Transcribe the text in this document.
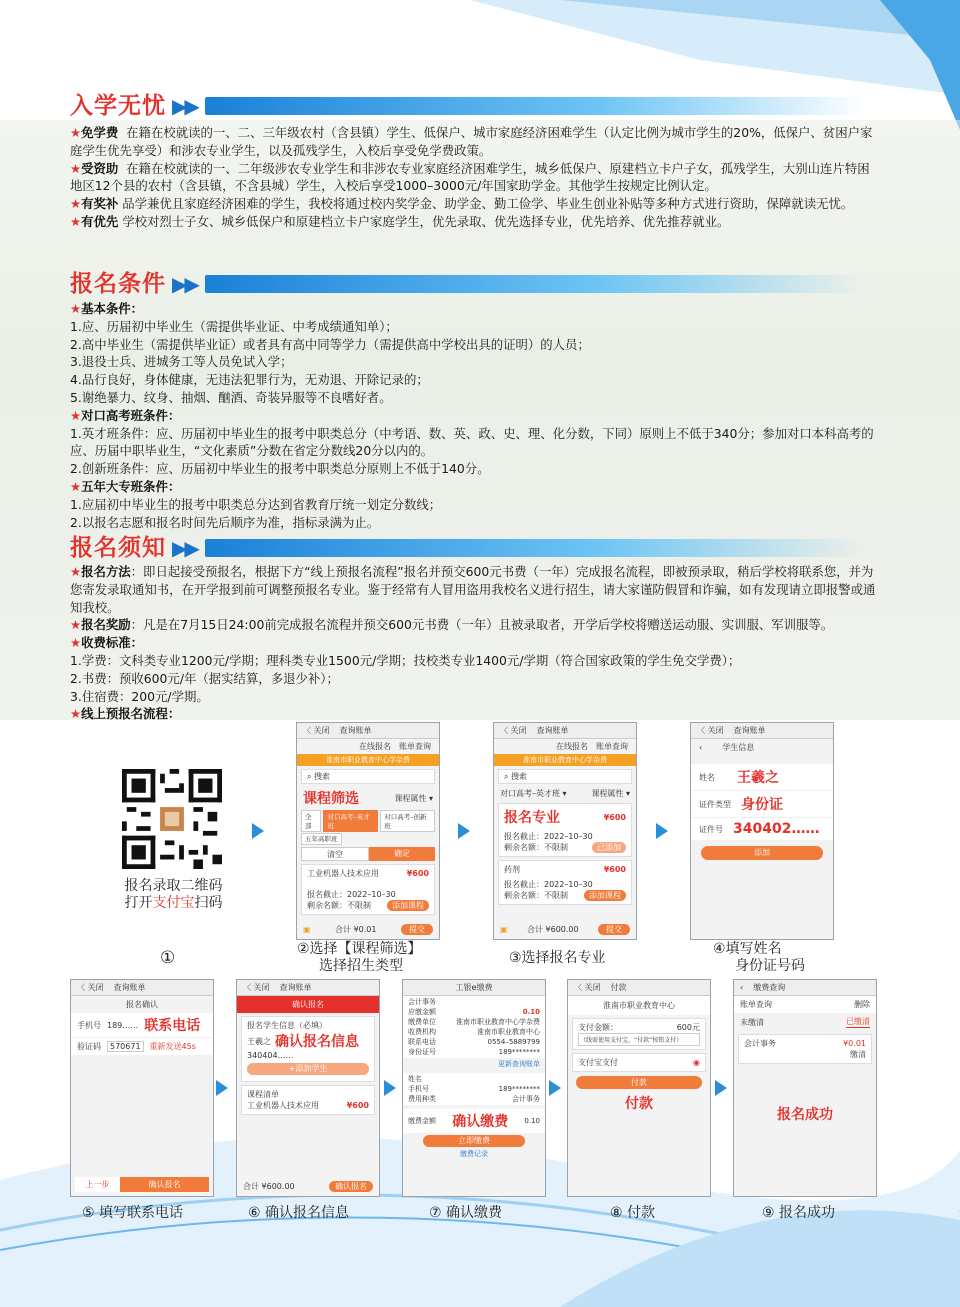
入学无忧 ▶▶

★免学费 在籍在校就读的一、二、三年级农村（含县镇）学生、低保户、城市家庭经济困难学生（认定比例为城市学生的20%，低保户、贫困户家庭学生优先享受）和涉农专业学生，以及孤残学生，入校后享受免学费政策。

★受资助 在籍在校就读的一、二年级涉农专业学生和非涉农专业家庭经济困难学生，城乡低保户、原建档立卡户子女，孤残学生，大别山连片特困地区12个县的农村（含县镇，不含县城）学生，入校后享受1000–3000元/年国家助学金。其他学生按规定比例认定。

★有奖补 品学兼优且家庭经济困难的学生，我校将通过校内奖学金、助学金、勤工俭学、毕业生创业补贴等多种方式进行资助，保障就读无忧。

★有优先 学校对烈士子女、城乡低保户和原建档立卡户家庭学生，优先录取、优先选择专业，优先培养、优先推荐就业。

报名条件 ▶▶

★基本条件：

1.应、历届初中毕业生（需提供毕业证、中考成绩通知单）；

2.高中毕业生（需提供毕业证）或者具有高中同等学力（需提供高中学校出具的证明）的人员；

3.退役士兵、进城务工等人员免试入学；

4.品行良好，身体健康，无违法犯罪行为，无劝退、开除记录的；

5.谢绝暴力、纹身、抽烟、酗酒、奇装异服等不良嗜好者。

★对口高考班条件：

1.英才班条件：应、历届初中毕业生的报考中职类总分（中考语、数、英、政、史、理、化分数，下同）原则上不低于340分；参加对口本科高考的应、历届中职毕业生，“文化素质”分数在省定分数线20分以内的。

2.创新班条件：应、历届初中毕业生的报考中职类总分原则上不低于140分。

★五年大专班条件：

1.应届初中毕业生的报考中职类总分达到省教育厅统一划定分数线；

2.以报名志愿和报名时间先后顺序为准，指标录满为止。

报名须知 ▶▶

★报名方法：即日起接受预报名，根据下方“线上预报名流程”报名并预交600元书费（一年）完成报名流程，即被预录取，稍后学校将联系您，并为您寄发录取通知书，在开学报到前可调整预报名专业。鉴于经常有人冒用盗用我校名义进行招生，请大家谨防假冒和诈骗，如有发现请立即报警或通知我校。

★报名奖励：凡是在7月15日24:00前完成报名流程并预交600元书费（一年）且被录取者，开学后学校将赠送运动服、实训服、军训服等。

★收费标准：

1.学费：文科类专业1200元/学期；理科类专业1500元/学期；技校类专业1400元/学期（符合国家政策的学生免交学费）；

2.书费：预收600元/年（据实结算，多退少补）；

3.住宿费：200元/学期。

★线上预报名流程：

报名录取二维码
打开支付宝扫码
①
〈 关闭 查询账单
在线报名 账单查询
淮南市职业教育中心学杂费
⌕ 搜索
课程筛选	课程属性 ▾
全部
对口高考–英才班
对口高考–创新班
五年高职班
清空	确定
工业机器人技术应用	¥600
报名截止：2022–10–30
剩余名额：不限制	添加课程
▣	合计 ¥0.01	提交
②选择【课程筛选】
选择招生类型
〈 关闭 查询账单
在线报名 账单查询
淮南市职业教育中心学杂费
⌕ 搜索
对口高考–英才班 ▾	课程属性 ▾
报名专业	¥600
报名截止：2022–10–30
剩余名额：不限制	已添加
药剂	¥600
报名截止：2022–10–30
剩余名额：不限制	添加课程
▣ 合计 ¥600.00	提交
③选择报名专业
〈 关闭 查询账单
‹	学生信息
姓名 王羲之
证件类型 身份证
证件号 340402……
添加
④填写姓名
身份证号码
〈 关闭 查询账单
报名确认
手机号 189…… 联系电话
验证码	570671	重新发送45s
上一步	确认报名
⑤ 填写联系电话
〈 关闭 查询账单
确认报名
报名学生信息（必填）
王羲之 确认报名信息
340404……
+添加学生
课程清单
工业机器人技术应用	¥600
合计 ¥600.00	确认报名
⑥ 确认报名信息
工银e缴费
会计事务
应缴金额	0.10
缴费单位	淮南市职业教育中心学杂费
收费机构	淮南市职业教育中心
联系电话	0554–5889799
身份证号	189********
更新查询账单
姓名
手机号	189********
费用种类	会计事务
缴费金额 确认缴费 0.10
立即缴费
缴费记录
⑦ 确认缴费
〈 关闭 付款
淮南市职业教育中心
支付金额：	600元
（线需使用支付宝，“付款”按钮支付）
支付宝支付	◉
付款
付款
⑧ 付款
‹ 缴费查询
账单查询	删除
未缴清	已缴清
会计事务	¥0.01
缴清
报名成功
⑨ 报名成功
